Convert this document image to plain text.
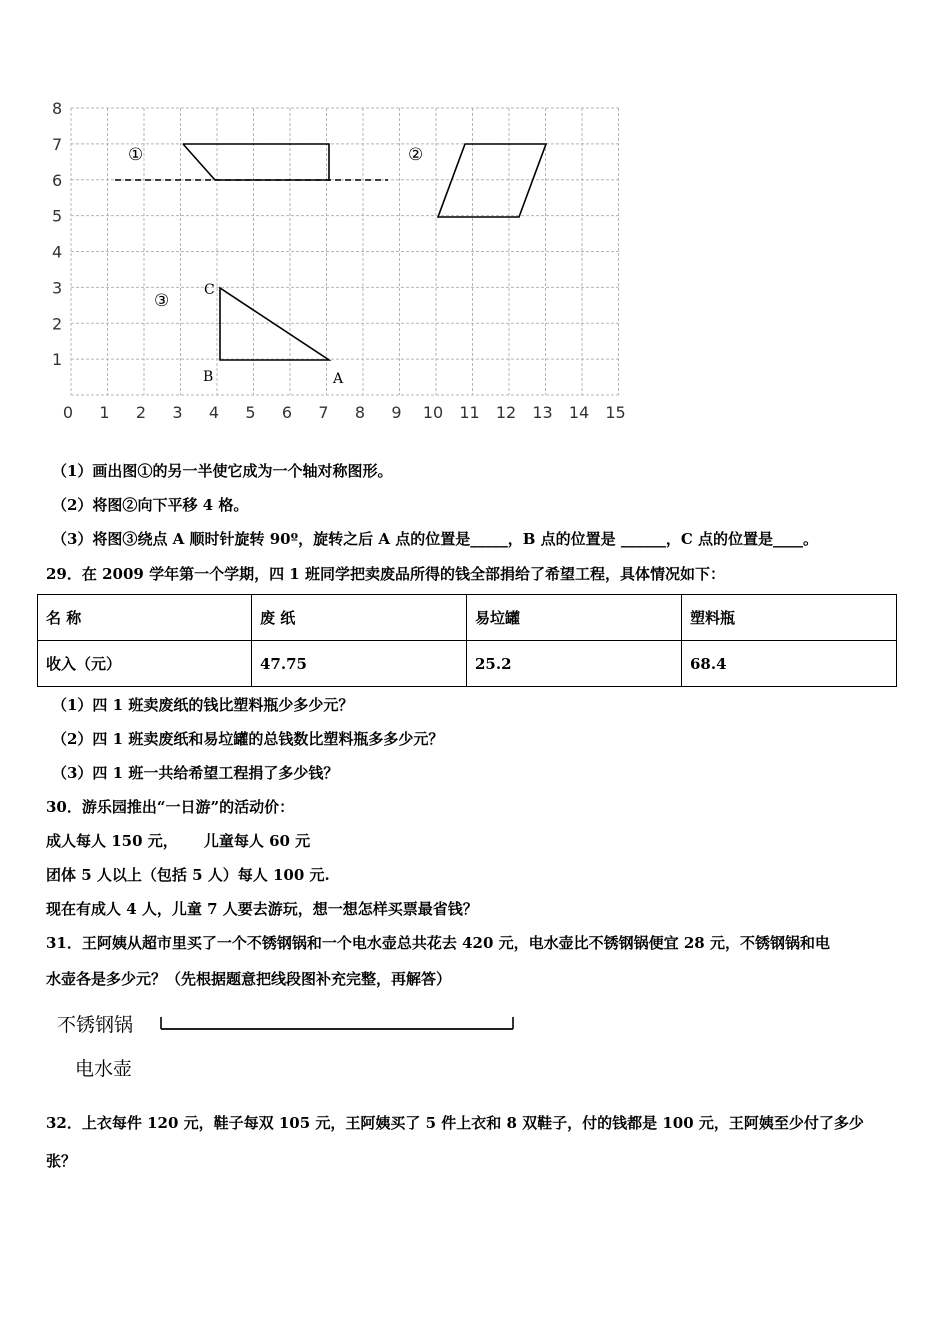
8
7
6
5
4
3
2
1
0 1 2 3 4 5 6 7 8 9 10 11 12 13 14 15
①	②
③
C
B	A
（1）画出图①的另一半使它成为一个轴对称图形。
（2）将图②向下平移 4 格。
（3）将图③绕点 A 顺时针旋转 90º，旋转之后 A 点的位置是_____，B 点的位置是 ______，C 点的位置是____。
29．在 2009 学年第一个学期，四 1 班同学把卖废品所得的钱全部捐给了希望工程，具体情况如下：
名 称	废 纸	易垃罐	塑料瓶
收入（元）	47.75	25.2	68.4
（1）四 1 班卖废纸的钱比塑料瓶少多少元？
（2）四 1 班卖废纸和易垃罐的总钱数比塑料瓶多多少元？
（3）四 1 班一共给希望工程捐了多少钱？
30．游乐园推出“一日游”的活动价：
成人每人 150 元，     儿童每人 60 元
团体 5 人以上（包括 5 人）每人 100 元.
现在有成人 4 人，儿童 7 人要去游玩，想一想怎样买票最省钱？
31．王阿姨从超市里买了一个不锈钢锅和一个电水壶总共花去 420 元，电水壶比不锈钢锅便宜 28 元，不锈钢锅和电
水壶各是多少元？（先根据题意把线段图补充完整，再解答）
不锈钢锅
电水壶
32．上衣每件 120 元，鞋子每双 105 元，王阿姨买了 5 件上衣和 8 双鞋子，付的钱都是 100 元，王阿姨至少付了多少
张？
